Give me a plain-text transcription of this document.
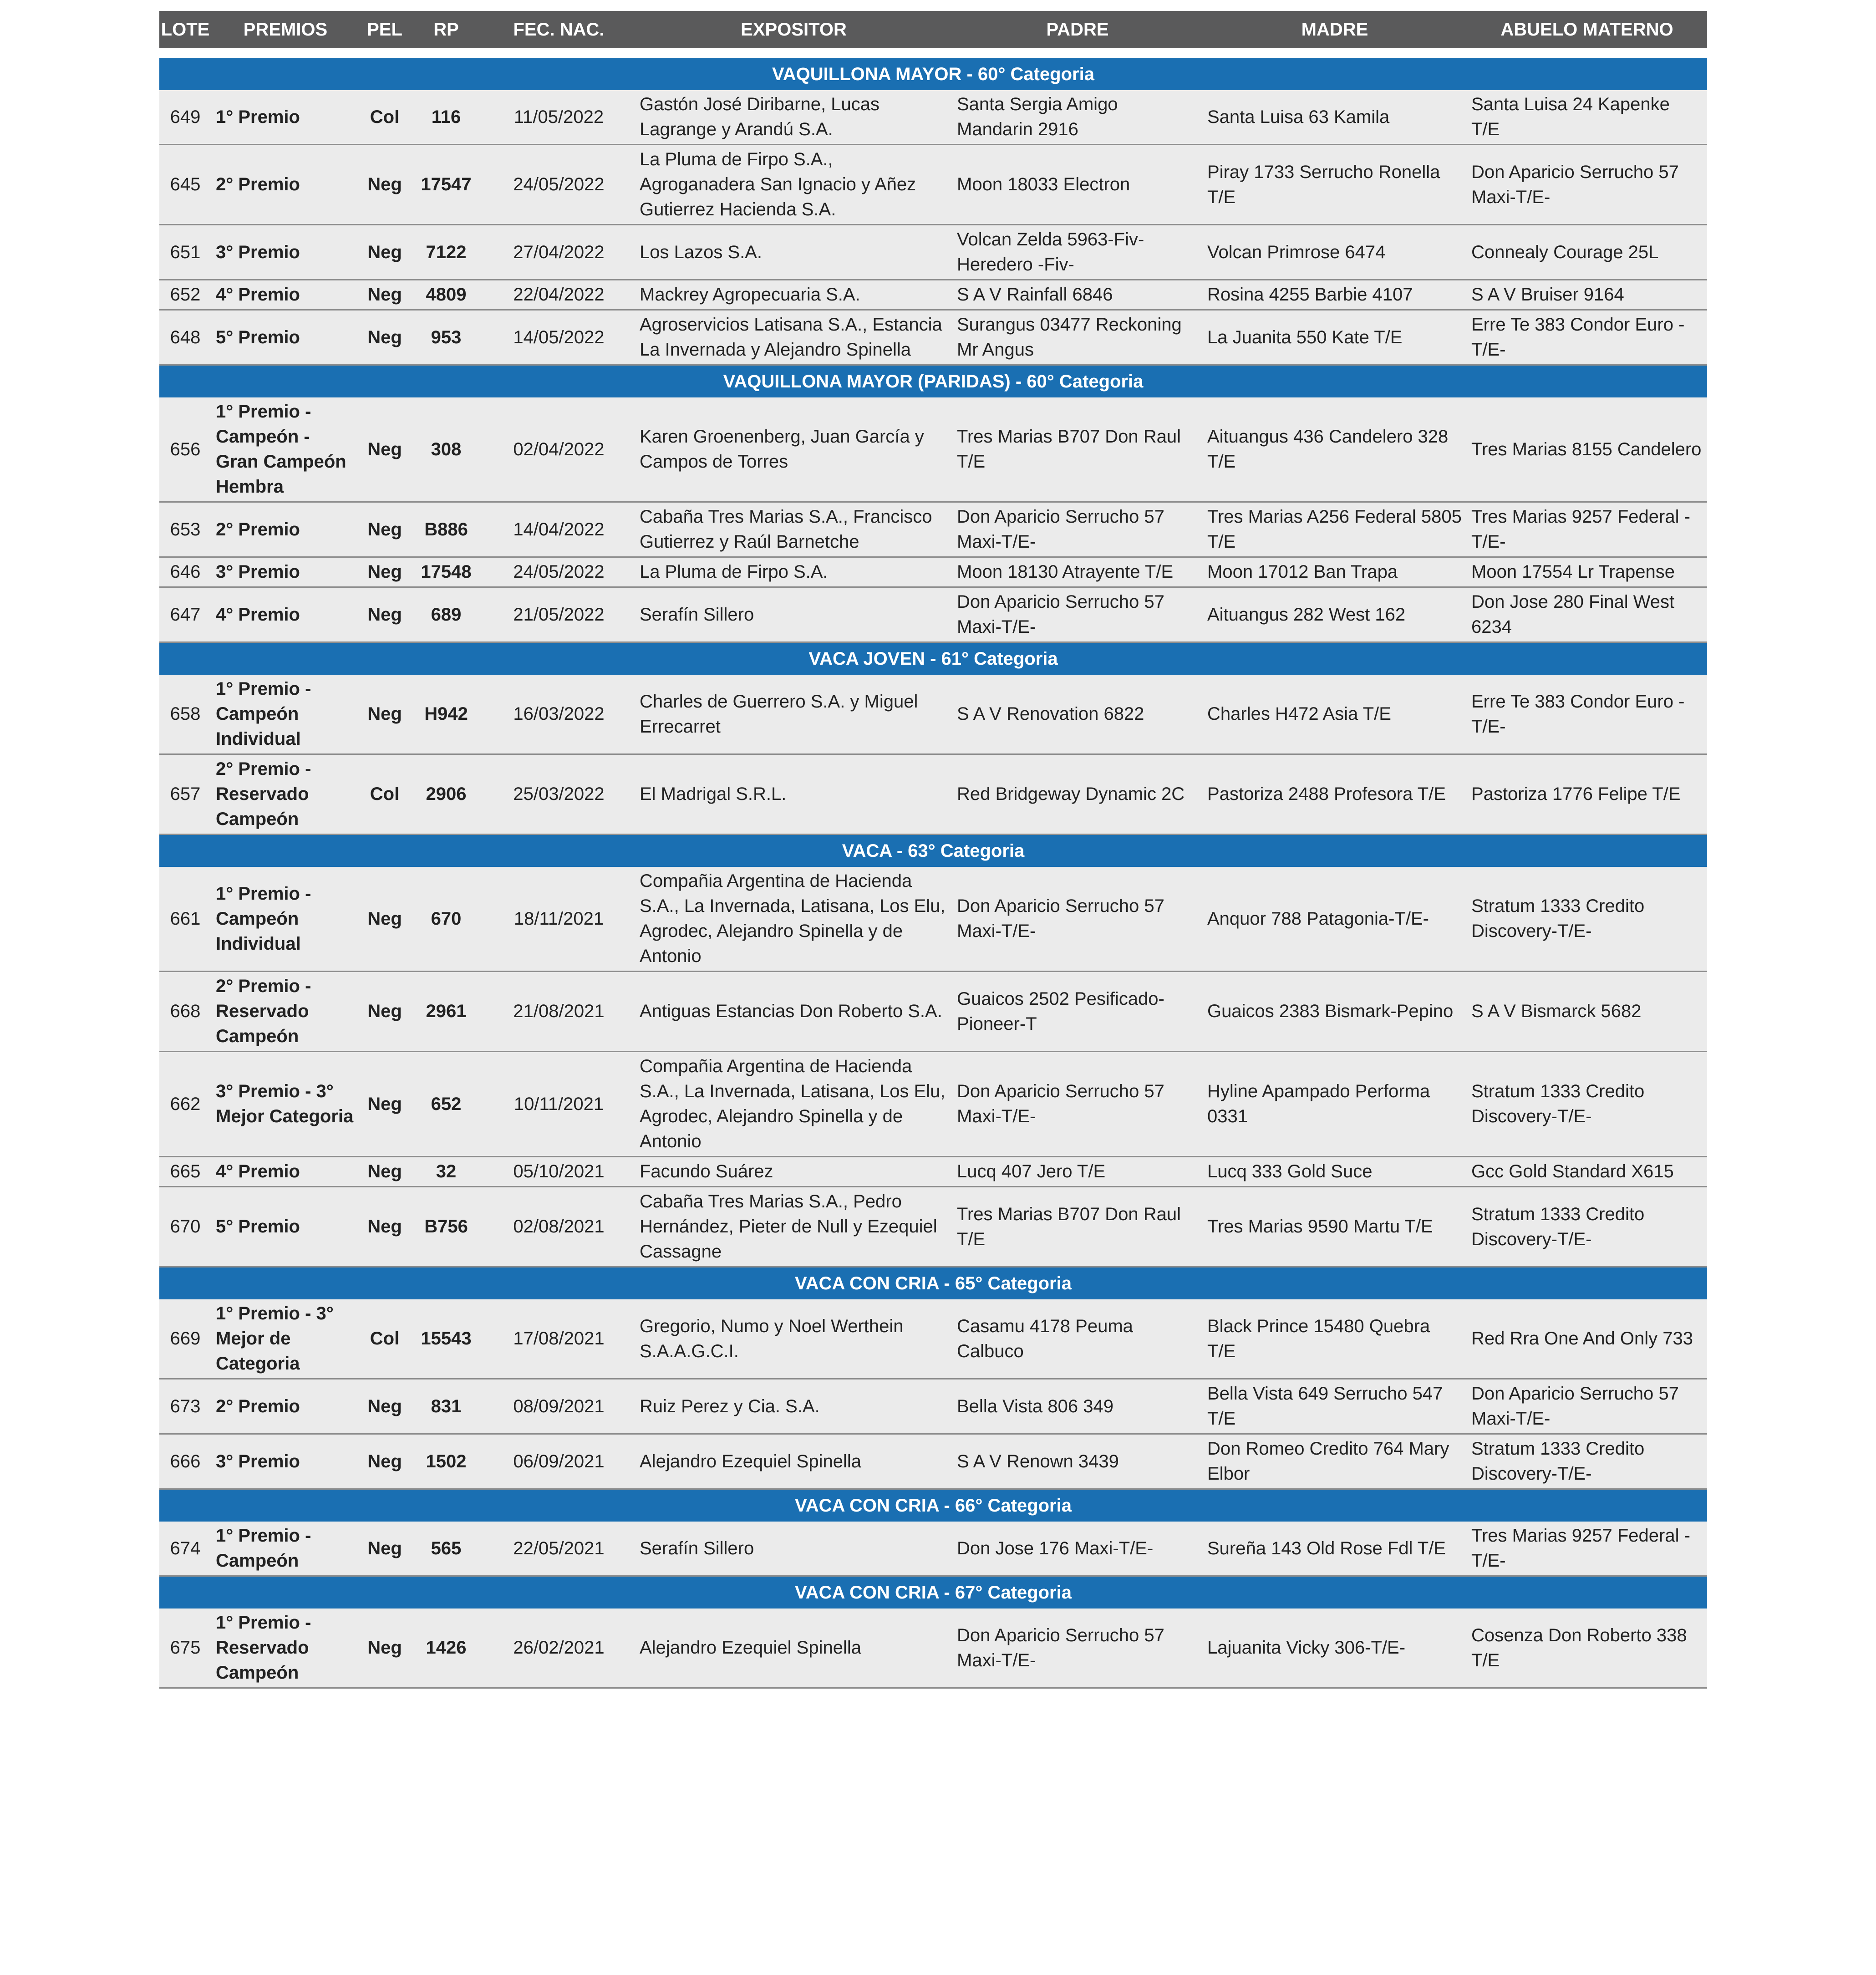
LOTE	PREMIOS	PEL	RP	FEC. NAC.	EXPOSITOR	PADRE	MADRE	ABUELO MATERNO

VAQUILLONA MAYOR - 60° Categoria								
649	1° Premio	Col	116	11/05/2022	Gastón José Diribarne, Lucas Lagrange y Arandú S.A.	Santa Sergia Amigo Mandarin 2916	Santa Luisa 63 Kamila	Santa Luisa 24 Kapenke T/E
645	2° Premio	Neg	17547	24/05/2022	La Pluma de Firpo S.A., Agroganadera San Ignacio y Añez Gutierrez Hacienda S.A.	Moon 18033 Electron	Piray 1733 Serrucho Ronella T/E	Don Aparicio Serrucho 57 Maxi-T/E-
651	3° Premio	Neg	7122	27/04/2022	Los Lazos S.A.	Volcan Zelda 5963-Fiv-Heredero -Fiv-	Volcan Primrose 6474	Connealy Courage 25L
652	4° Premio	Neg	4809	22/04/2022	Mackrey Agropecuaria S.A.	S A V Rainfall 6846	Rosina 4255 Barbie 4107	S A V Bruiser 9164
648	5° Premio	Neg	953	14/05/2022	Agroservicios Latisana S.A., Estancia La Invernada y Alejandro Spinella	Surangus 03477 Reckoning Mr Angus	La Juanita 550 Kate T/E	Erre Te 383 Condor Euro -T/E-
VAQUILLONA MAYOR (PARIDAS) - 60° Categoria								
656	1° Premio - Campeón - Gran Campeón Hembra	Neg	308	02/04/2022	Karen Groenenberg, Juan García y Campos de Torres	Tres Marias B707 Don Raul T/E	Aituangus 436 Candelero 328 T/E	Tres Marias 8155 Candelero
653	2° Premio	Neg	B886	14/04/2022	Cabaña Tres Marias S.A., Francisco Gutierrez y Raúl Barnetche	Don Aparicio Serrucho 57 Maxi-T/E-	Tres Marias A256 Federal 5805 T/E	Tres Marias 9257 Federal -T/E-
646	3° Premio	Neg	17548	24/05/2022	La Pluma de Firpo S.A.	Moon 18130 Atrayente T/E	Moon 17012 Ban Trapa	Moon 17554 Lr Trapense
647	4° Premio	Neg	689	21/05/2022	Serafín Sillero	Don Aparicio Serrucho 57 Maxi-T/E-	Aituangus 282 West 162	Don Jose 280 Final West 6234
VACA JOVEN - 61° Categoria								
658	1° Premio - Campeón Individual	Neg	H942	16/03/2022	Charles de Guerrero S.A. y Miguel Errecarret	S A V Renovation 6822	Charles H472 Asia T/E	Erre Te 383 Condor Euro -T/E-
657	2° Premio - Reservado Campeón	Col	2906	25/03/2022	El Madrigal S.R.L.	Red Bridgeway Dynamic 2C	Pastoriza 2488 Profesora T/E	Pastoriza 1776 Felipe T/E
VACA - 63° Categoria								
661	1° Premio - Campeón Individual	Neg	670	18/11/2021	Compañia Argentina de Hacienda S.A., La Invernada, Latisana, Los Elu, Agrodec, Alejandro Spinella y de Antonio	Don Aparicio Serrucho 57 Maxi-T/E-	Anquor 788 Patagonia-T/E-	Stratum 1333 Credito Discovery-T/E-
668	2° Premio - Reservado Campeón	Neg	2961	21/08/2021	Antiguas Estancias Don Roberto S.A.	Guaicos 2502 Pesificado-Pioneer-T	Guaicos 2383 Bismark-Pepino	S A V Bismarck 5682
662	3° Premio - 3° Mejor Categoria	Neg	652	10/11/2021	Compañia Argentina de Hacienda S.A., La Invernada, Latisana, Los Elu, Agrodec, Alejandro Spinella y de Antonio	Don Aparicio Serrucho 57 Maxi-T/E-	Hyline Apampado Performa 0331	Stratum 1333 Credito Discovery-T/E-
665	4° Premio	Neg	32	05/10/2021	Facundo Suárez	Lucq 407 Jero T/E	Lucq 333 Gold Suce	Gcc Gold Standard X615
670	5° Premio	Neg	B756	02/08/2021	Cabaña Tres Marias S.A., Pedro Hernández, Pieter de Null y Ezequiel Cassagne	Tres Marias B707 Don Raul T/E	Tres Marias 9590 Martu T/E	Stratum 1333 Credito Discovery-T/E-
VACA CON CRIA - 65° Categoria								
669	1° Premio - 3° Mejor de Categoria	Col	15543	17/08/2021	Gregorio, Numo y Noel Werthein S.A.A.G.C.I.	Casamu 4178 Peuma Calbuco	Black Prince 15480 Quebra T/E	Red Rra One And Only 733
673	2° Premio	Neg	831	08/09/2021	Ruiz Perez y Cia. S.A.	Bella Vista 806 349	Bella Vista 649 Serrucho 547 T/E	Don Aparicio Serrucho 57 Maxi-T/E-
666	3° Premio	Neg	1502	06/09/2021	Alejandro Ezequiel Spinella	S A V Renown 3439	Don Romeo Credito 764 Mary Elbor	Stratum 1333 Credito Discovery-T/E-
VACA CON CRIA - 66° Categoria								
674	1° Premio - Campeón	Neg	565	22/05/2021	Serafín Sillero	Don Jose 176 Maxi-T/E-	Sureña 143 Old Rose Fdl T/E	Tres Marias 9257 Federal -T/E-
VACA CON CRIA - 67° Categoria								
675	1° Premio - Reservado Campeón	Neg	1426	26/02/2021	Alejandro Ezequiel Spinella	Don Aparicio Serrucho 57 Maxi-T/E-	Lajuanita Vicky 306-T/E-	Cosenza Don Roberto 338 T/E
